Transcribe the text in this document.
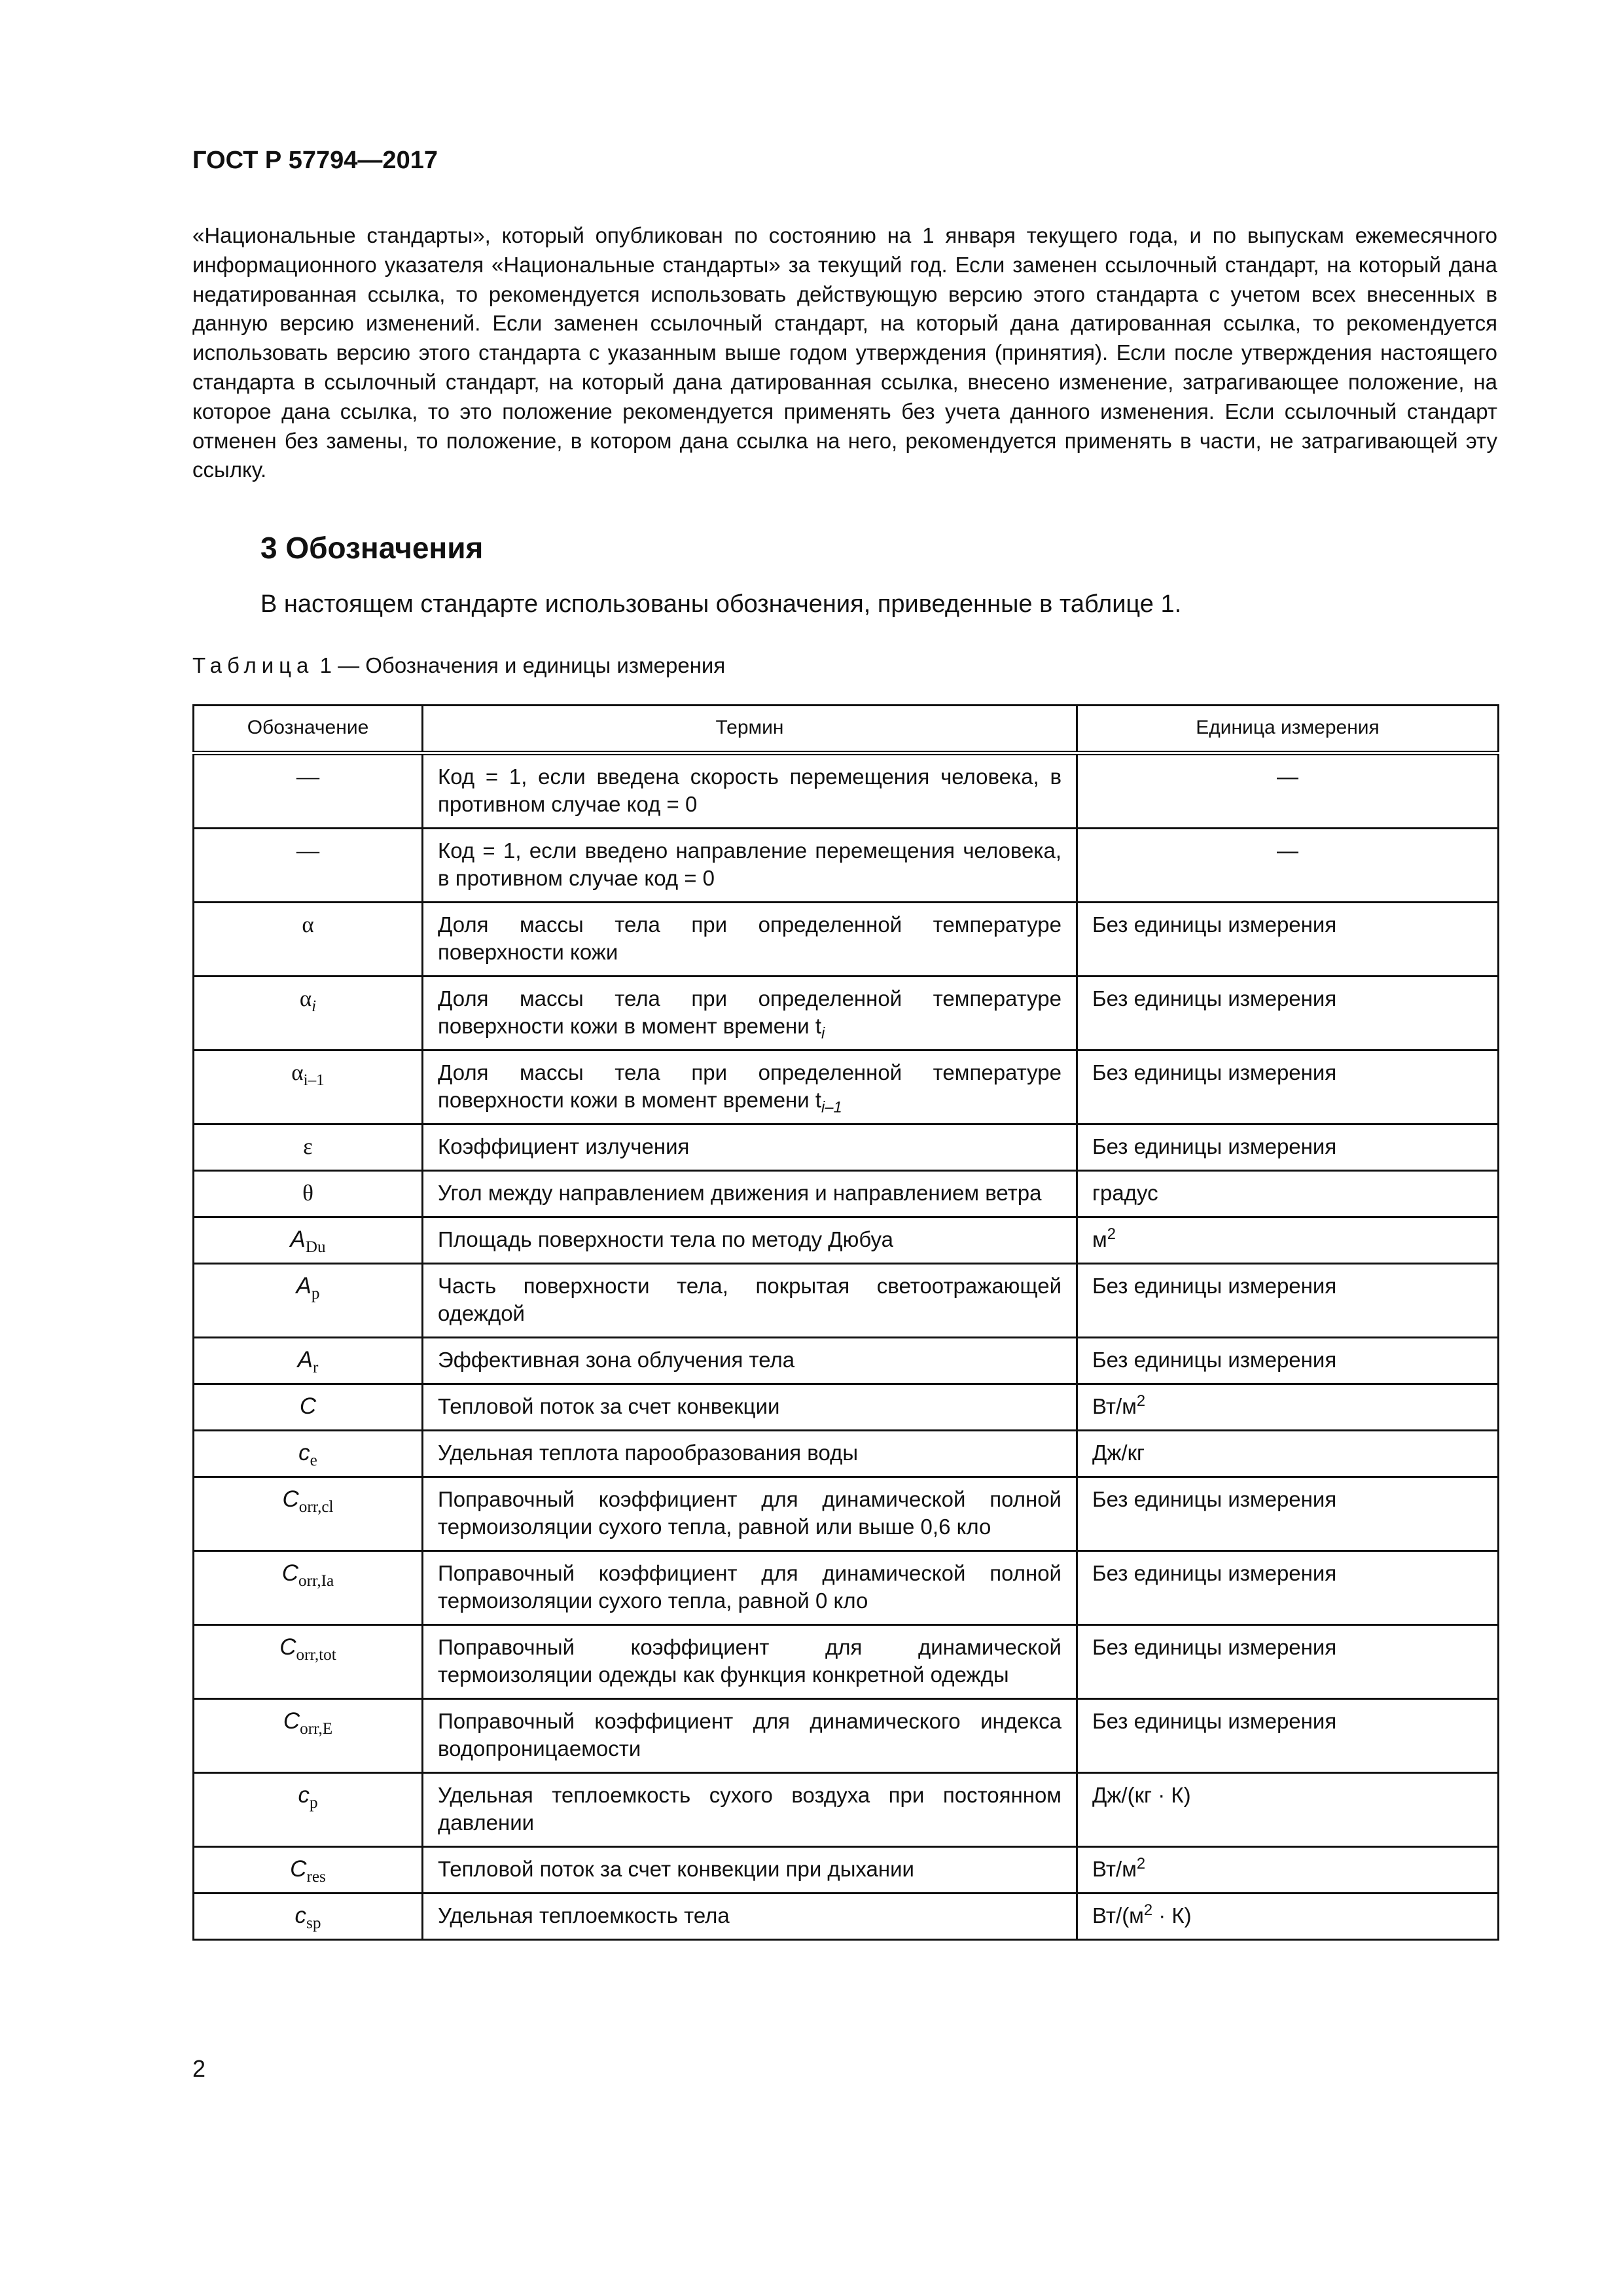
ГОСТ Р 57794—2017

«Национальные стандарты», который опубликован по состоянию на 1 января текущего года, и по выпускам ежемесячного информационного указателя «Национальные стандарты» за текущий год. Если заменен ссылочный стандарт, на который дана недатированная ссылка, то рекомендуется использовать действующую версию этого стандарта с учетом всех внесенных в данную версию изменений. Если заменен ссылочный стандарт, на который дана датированная ссылка, то рекомендуется использовать версию этого стандарта с указанным выше годом утверждения (принятия). Если после утверждения настоящего стандарта в ссылочный стандарт, на который дана датированная ссылка, внесено изменение, затрагивающее положение, на которое дана ссылка, то это положение рекомендуется применять без учета данного изменения. Если ссылочный стандарт отменен без замены, то положение, в котором дана ссылка на него, рекомендуется применять в части, не затрагивающей эту ссылку.

3 Обозначения
В настоящем стандарте использованы обозначения, приведенные в таблице 1.
Таблица 1 — Обозначения и единицы измерения
Обозначение	Термин	Единица измерения
—	Код = 1, если введена скорость перемещения человека, в противном случае код = 0	—
—	Код = 1, если введено направление перемещения человека, в противном случае код = 0	—
α	Доля массы тела при определенной температуре поверхности кожи	Без единицы измерения
$\alpha_i$	Доля массы тела при определенной температуре поверхности кожи в момент времени $t_i$	Без единицы измерения
$\alpha_{i-1}$	Доля массы тела при определенной температуре поверхности кожи в момент времени $t_{i-1}$	Без единицы измерения
ε	Коэффициент излучения	Без единицы измерения
θ	Угол между направлением движения и направлением ветра	градус
$A_{Du}$	Площадь поверхности тела по методу Дюбуа	$м^2$
$A_p$	Часть поверхности тела, покрытая светоотражающей одеждой	Без единицы измерения
$A_r$	Эффективная зона облучения тела	Без единицы измерения
C	Тепловой поток за счет конвекции	$Вт/м^2$
$c_e$	Удельная теплота парообразования воды	Дж/кг
$C_{orr,cl}$	Поправочный коэффициент для динамической полной термоизоляции сухого тепла, равной или выше 0,6 кло	Без единицы измерения
$C_{orr,Ia}$	Поправочный коэффициент для динамической полной термоизоляции сухого тепла, равной 0 кло	Без единицы измерения
$C_{orr,tot}$	Поправочный коэффициент для динамической термоизоляции одежды как функция конкретной одежды	Без единицы измерения
$C_{orr,E}$	Поправочный коэффициент для динамического индекса водопроницаемости	Без единицы измерения
$c_p$	Удельная теплоемкость сухого воздуха при постоянном давлении	Дж/(кг · К)
$C_{res}$	Тепловой поток за счет конвекции при дыхании	$Вт/м^2$
$c_{sp}$	Удельная теплоемкость тела	$Вт/(м^2 \cdot К)$
2
